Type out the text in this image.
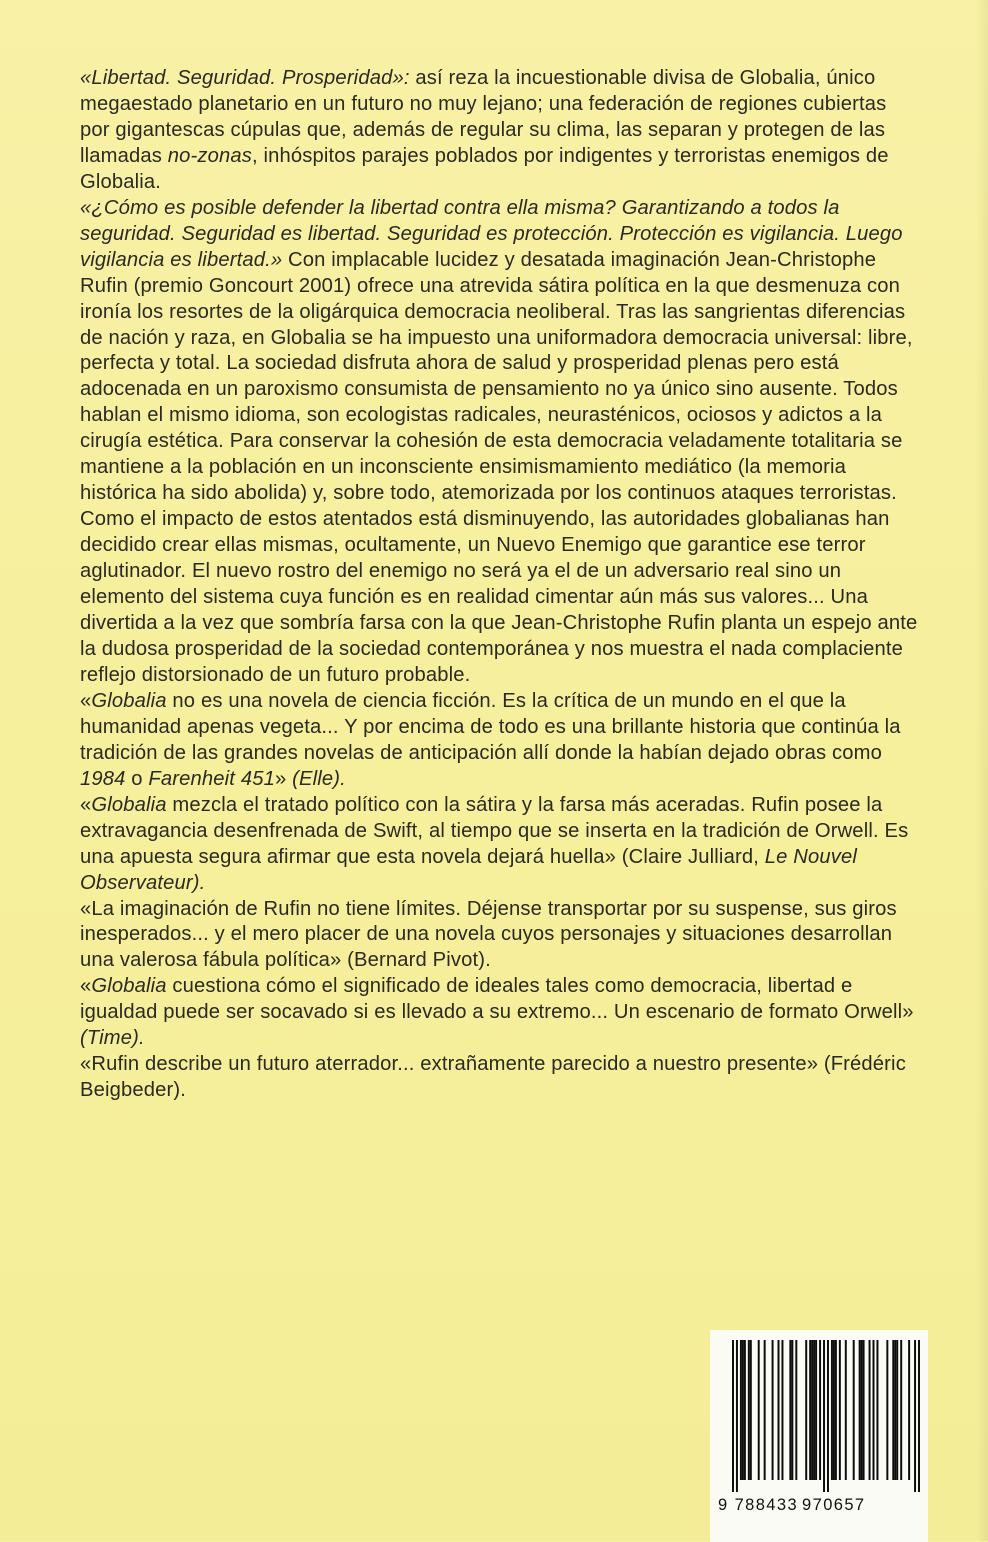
«Libertad. Seguridad. Prosperidad»: así reza la incuestionable divisa de Globalia, único megaestado planetario en un futuro no muy lejano; una federación de regiones cubiertas por gigantescas cúpulas que, además de regular su clima, las separan y protegen de las llamadas no-zonas, inhóspitos parajes poblados por indigentes y terroristas enemigos de Globalia.

«¿Cómo es posible defender la libertad contra ella misma? Garantizando a todos la seguridad. Seguridad es libertad. Seguridad es protección. Protección es vigilancia. Luego vigilancia es libertad.» Con implacable lucidez y desatada imaginación Jean-Christophe Rufin (premio Goncourt 2001) ofrece una atrevida sátira política en la que desmenuza con ironía los resortes de la oligárquica democracia neoliberal. Tras las sangrientas diferencias de nación y raza, en Globalia se ha impuesto una uniformadora democracia universal: libre, perfecta y total. La sociedad disfruta ahora de salud y prosperidad plenas pero está adocenada en un paroxismo consumista de pensamiento no ya único sino ausente. Todos hablan el mismo idioma, son ecologistas radicales, neurasténicos, ociosos y adictos a la cirugía estética. Para conservar la cohesión de esta democracia veladamente totalitaria se mantiene a la población en un inconsciente ensimismamiento mediático (la memoria histórica ha sido abolida) y, sobre todo, atemorizada por los continuos ataques terroristas. Como el impacto de estos atentados está disminuyendo, las autoridades globalianas han decidido crear ellas mismas, ocultamente, un Nuevo Enemigo que garantice ese terror aglutinador. El nuevo rostro del enemigo no será ya el de un adversario real sino un elemento del sistema cuya función es en realidad cimentar aún más sus valores... Una divertida a la vez que sombría farsa con la que Jean-Christophe Rufin planta un espejo ante la dudosa prosperidad de la sociedad contemporánea y nos muestra el nada complaciente reflejo distorsionado de un futuro probable.

«Globalia no es una novela de ciencia ficción. Es la crítica de un mundo en el que la humanidad apenas vegeta... Y por encima de todo es una brillante historia que continúa la tradición de las grandes novelas de anticipación allí donde la habían dejado obras como 1984 o Farenheit 451» (Elle).

«Globalia mezcla el tratado político con la sátira y la farsa más aceradas. Rufin posee la extravagancia desenfrenada de Swift, al tiempo que se inserta en la tradición de Orwell. Es una apuesta segura afirmar que esta novela dejará huella» (Claire Julliard, Le Nouvel Observateur).

«La imaginación de Rufin no tiene límites. Déjense transportar por su suspense, sus giros inesperados... y el mero placer de una novela cuyos personajes y situaciones desarrollan una valerosa fábula política» (Bernard Pivot).

«Globalia cuestiona cómo el significado de ideales tales como democracia, libertad e igualdad puede ser socavado si es llevado a su extremo... Un escenario de formato Orwell» (Time).

«Rufin describe un futuro aterrador... extrañamente parecido a nuestro presente» (Frédéric Beigbeder).

9 788433 970657
